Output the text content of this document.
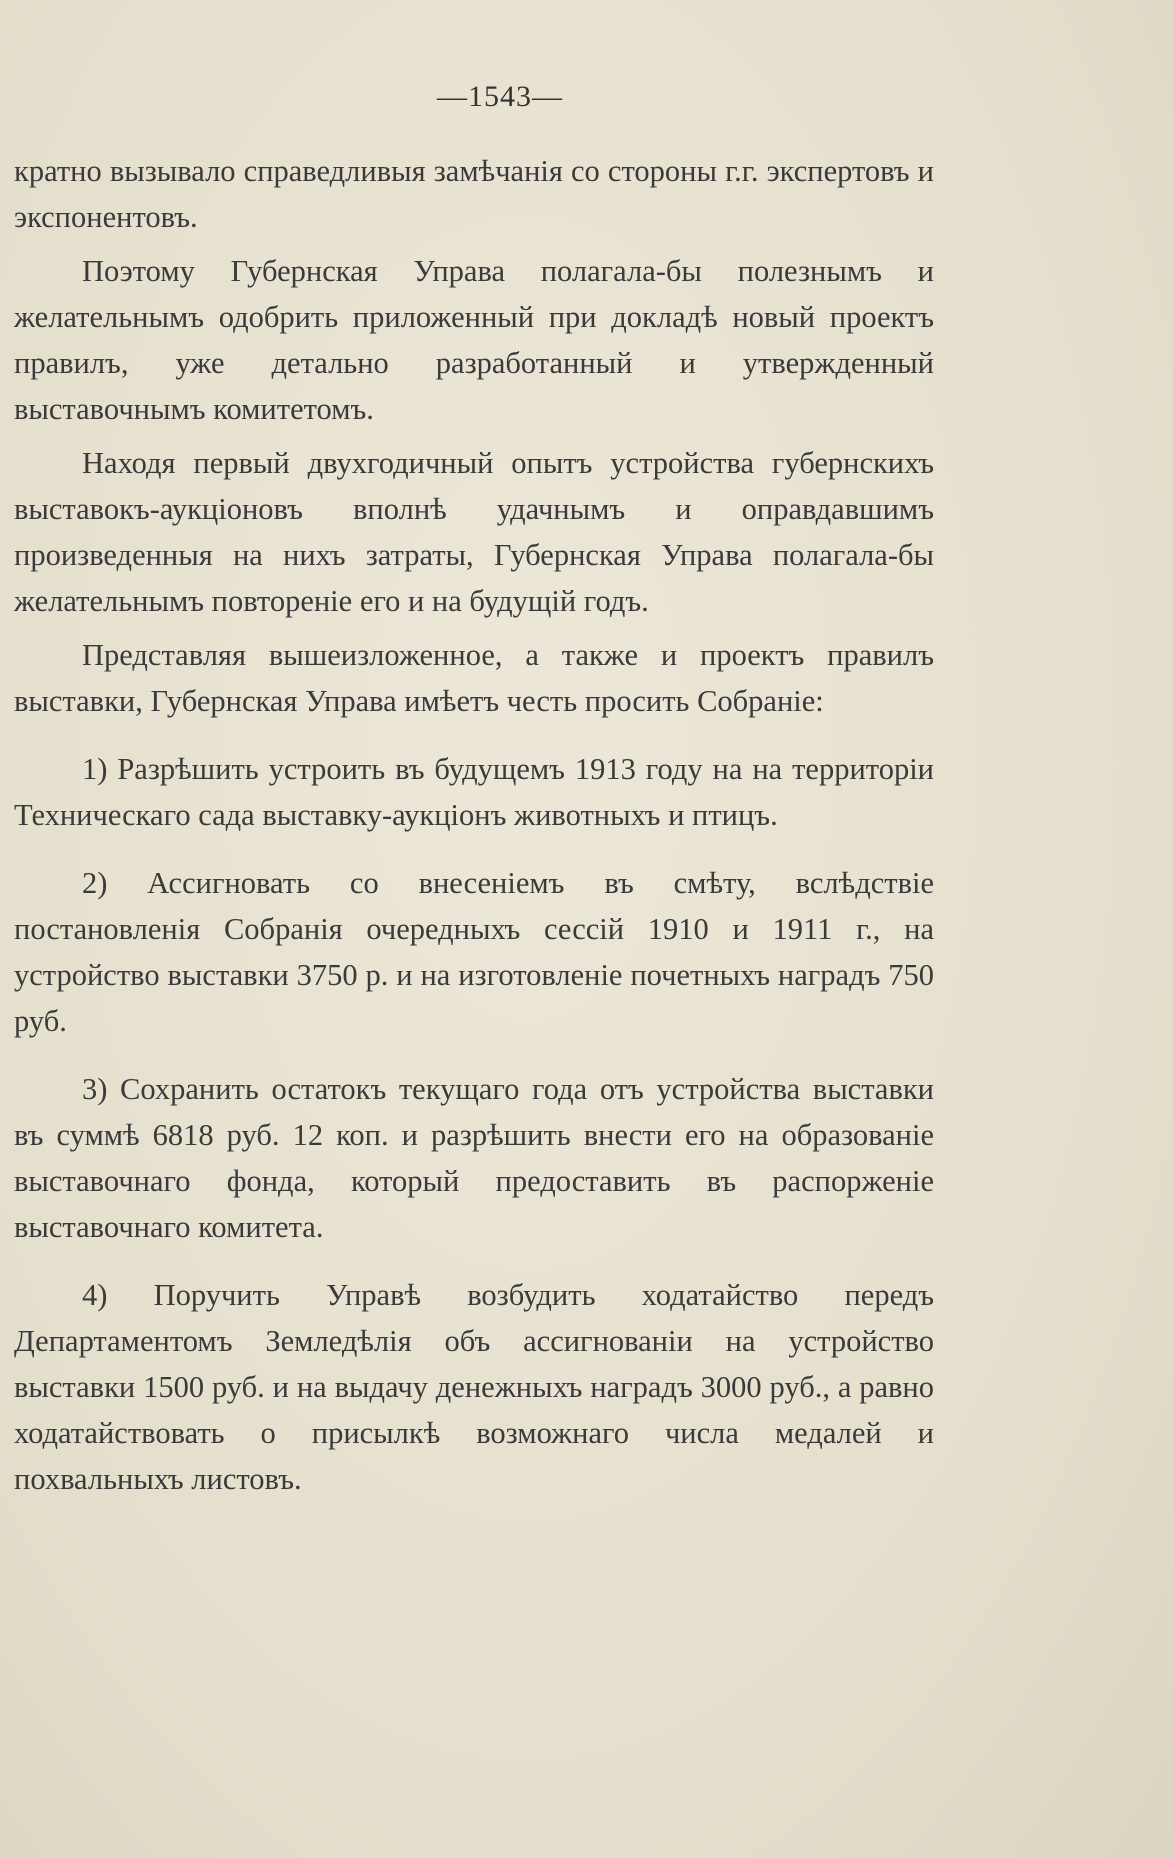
—1543—

кратно вызывало справедливыя замѣчанія со стороны г.г. экспертовъ и экспонентовъ.

Поэтому Губернская Управа полагала-бы полезнымъ и желательнымъ одобрить приложенный при докладѣ новый проектъ правилъ, уже детально разработанный и утвержденный выставочнымъ комитетомъ.

Находя первый двухгодичный опытъ устройства губернскихъ выставокъ-аукціоновъ вполнѣ удачнымъ и оправдавшимъ произведенныя на нихъ затраты, Губернская Управа полагала-бы желательнымъ повтореніе его и на будущій годъ.

Представляя вышеизложенное, а также и проектъ правилъ выставки, Губернская Управа имѣетъ честь просить Собраніе:

1) Разрѣшить устроить въ будущемъ 1913 году на на территоріи Техническаго сада выставку-аукціонъ животныхъ и птицъ.

2) Ассигновать со внесеніемъ въ смѣту, вслѣдствіе постановленія Собранія очередныхъ сессій 1910 и 1911 г., на устройство выставки 3750 р. и на изготовленіе почетныхъ наградъ 750 руб.

3) Сохранить остатокъ текущаго года отъ устройства выставки въ суммѣ 6818 руб. 12 коп. и разрѣшить внести его на образованіе выставочнаго фонда, который предоставить въ распорженіе выставочнаго комитета.

4) Поручить Управѣ возбудить ходатайство передъ Департаментомъ Земледѣлія объ ассигнованіи на устройство выставки 1500 руб. и на выдачу денежныхъ наградъ 3000 руб., а равно ходатайствовать о присылкѣ возможнаго числа медалей и похвальныхъ листовъ.
